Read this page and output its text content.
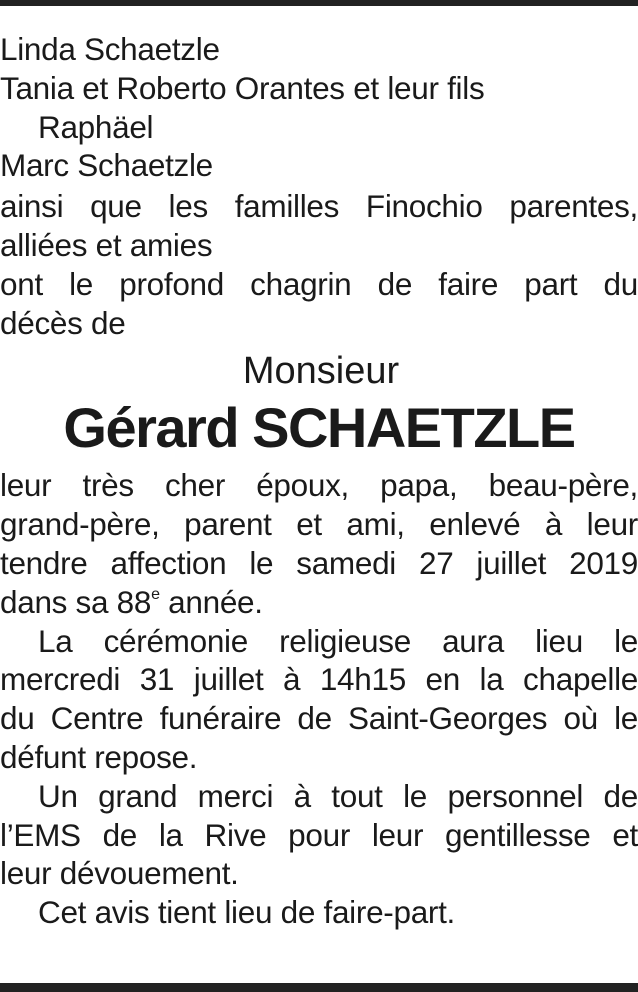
Linda Schaetzle
Tania et Roberto Orantes et leur fils
Raphäel
Marc Schaetzle
ainsi que les familles Finochio parentes,
alliées et amies
ont le profond chagrin de faire part du
décès de
Monsieur
Gérard SCHAETZLE
leur très cher époux, papa, beau-père,
grand-père, parent et ami, enlevé à leur
tendre affection le samedi 27 juillet 2019
dans sa 88e année.
La cérémonie religieuse aura lieu le
mercredi 31 juillet à 14h15 en la chapelle
du Centre funéraire de Saint-Georges où le
défunt repose.
Un grand merci à tout le personnel de
l’EMS de la Rive pour leur gentillesse et
leur dévouement.
Cet avis tient lieu de faire-part.
